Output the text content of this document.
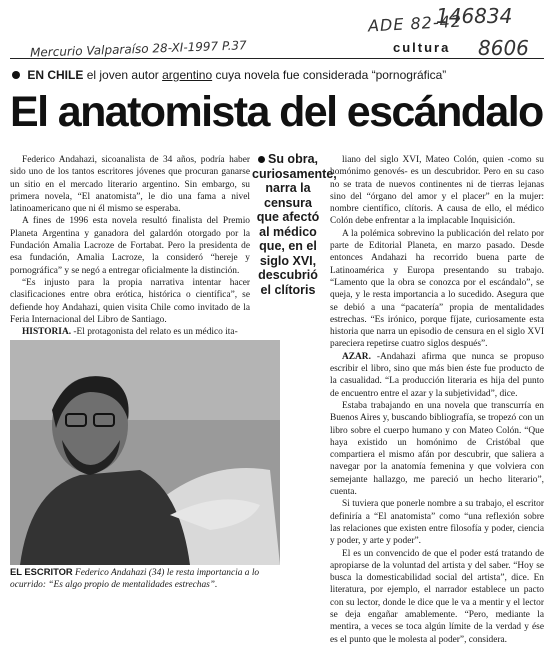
ADE 82-42
146834
Mercurio Valparaíso 28-XI-1997 P.37	8606
cultura
EN CHILE el joven autor argentino cuya novela fue considerada “pornográfica”
El anatomista del escándalo

Federico Andahazi, sicoanalista de 34 años, podría haber sido uno de los tantos escritores jóvenes que procuran ganarse un sitio en el mercado literario argentino. Sin embargo, su primera novela, “El anatomista”, le dio una fama a nivel latinoamericano que ni él mismo se esperaba.

A fines de 1996 esta novela resultó finalista del Premio Planeta Argentina y ganadora del galardón otorgado por la Fundación Amalia Lacroze de Fortabat. Pero la presidenta de esa fundación, Amalia Lacroze, la consideró “hereje y pornográfica” y se negó a entregar oficialmente la distinción.

“Es injusto para la propia narrativa intentar hacer clasificaciones entre obra erótica, histórica o científica”, se defiende hoy Andahazi, quien visita Chile como invitado de la Feria Internacional del Libro de Santiago.

HISTORIA. -El protagonista del relato es un médico ita-

Su obra, curiosamente, narra la censura que afectó al médico que, en el siglo XVI, descubrió el clítoris

liano del siglo XVI, Mateo Colón, quien -como su homónimo genovés- es un descubridor. Pero en su caso no se trata de nuevos continentes ni de tierras lejanas sino del “órgano del amor y el placer” en la mujer: nombre científico, clítoris. A causa de ello, el médico Colón debe enfrentar a la implacable Inquisición.

A la polémica sobrevino la publicación del relato por parte de Editorial Planeta, en marzo pasado. Desde entonces Andahazi ha recorrido buena parte de Latinoamérica y Europa presentando su trabajo. “Lamento que la obra se conozca por el escándalo”, se queja, y le resta importancia a lo sucedido. Asegura que se debió a una “pacatería” propia de mentalidades estrechas. “Es irónico, porque fíjate, curiosamente esta historia que narra un episodio de censura en el siglo XVI pareciera repetirse cuatro siglos después”.

AZAR. -Andahazi afirma que nunca se propuso escribir el libro, sino que más bien éste fue producto de la casualidad. “La producción literaria es hija del punto de encuentro entre el azar y la subjetividad”, dice.

Estaba trabajando en una novela que transcurría en Buenos Aires y, buscando bibliografía, se tropezó con un libro sobre el cuerpo humano y con Mateo Colón. “Que haya existido un homónimo de Cristóbal que compartiera el mismo afán por descubrir, que saliera a navegar por la anatomía femenina y que volviera con semejante hallazgo, me pareció un hecho literario”, cuenta.

Si tuviera que ponerle nombre a su trabajo, el escritor definiría a “El anatomista” como “una reflexión sobre las relaciones que existen entre filosofía y poder, ciencia y poder, y arte y poder”.

El es un convencido de que el poder está tratando de apropiarse de la voluntad del artista y del saber. “Hoy se busca la domesticabilidad social del artista”, dice. En literatura, por ejemplo, el narrador establece un pacto con su lector, donde le dice que le va a mentir y el lector se deja engañar amablemente. “Pero, mediante la mentira, a veces se toca algún límite de la verdad y ése es el punto que le molesta al poder”, considera.

EL ESCRITOR Federico Andahazi (34) le resta importancia a lo ocurrido: “Es algo propio de mentalidades estrechas”.
